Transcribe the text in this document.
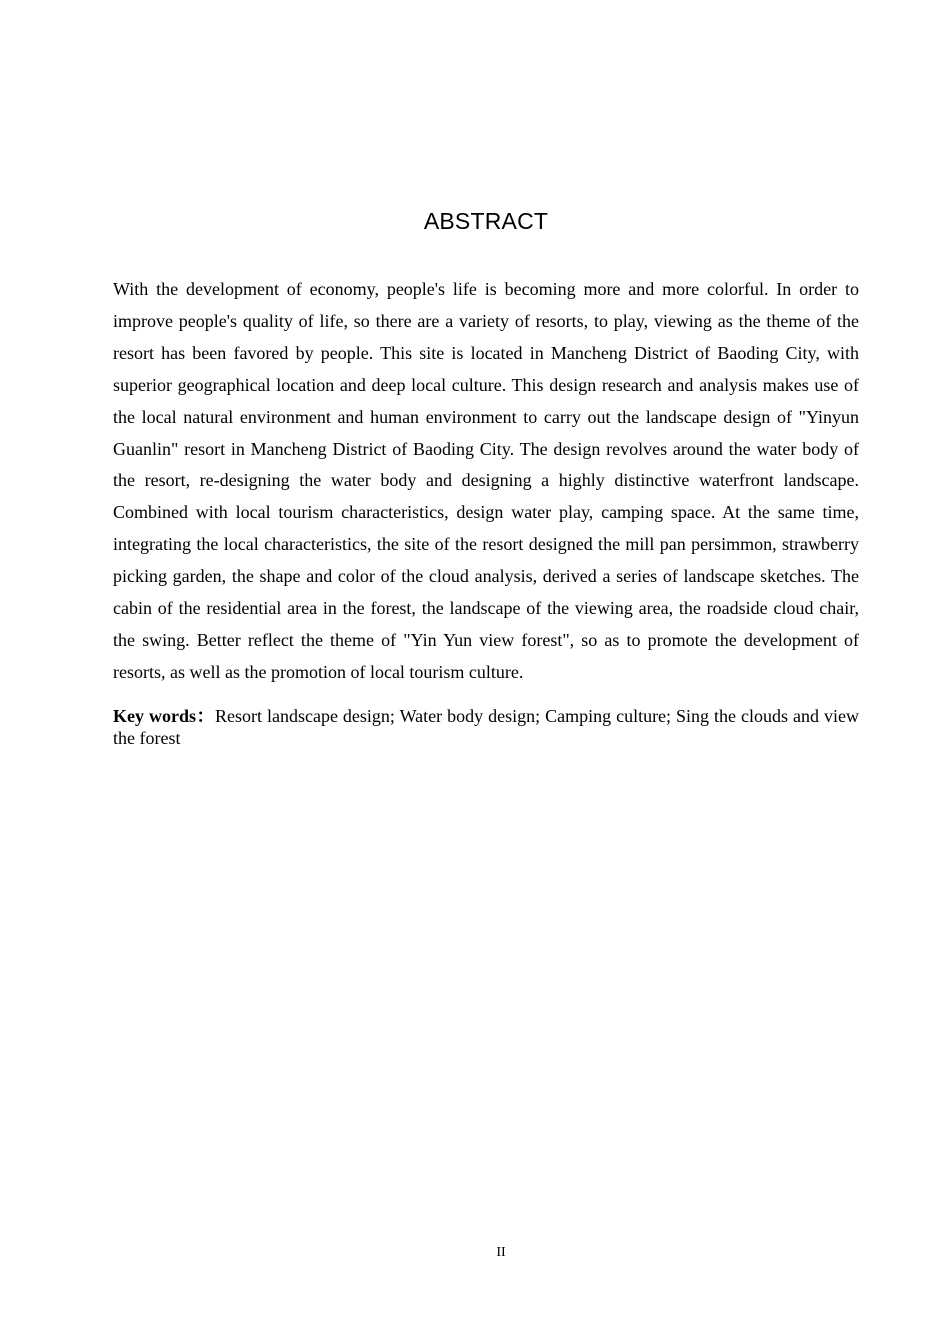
ABSTRACT

With the development of economy, people's life is becoming more and more colorful. In order to improve people's quality of life, so there are a variety of resorts, to play, viewing as the theme of the resort has been favored by people. This site is located in Mancheng District of Baoding City, with superior geographical location and deep local culture. This design research and analysis makes use of the local natural environment and human environment to carry out the landscape design of "Yinyun Guanlin" resort in Mancheng District of Baoding City. The design revolves around the water body of the resort, re-designing the water body and designing a highly distinctive waterfront landscape. Combined with local tourism characteristics, design water play, camping space. At the same time, integrating the local characteristics, the site of the resort designed the mill pan persimmon, strawberry picking garden, the shape and color of the cloud analysis, derived a series of landscape sketches. The cabin of the residential area in the forest, the landscape of the viewing area, the roadside cloud chair, the swing. Better reflect the theme of "Yin Yun view forest", so as to promote the development of resorts, as well as the promotion of local tourism culture.

Key words：Resort landscape design; Water body design; Camping culture; Sing the clouds and view the forest

II
